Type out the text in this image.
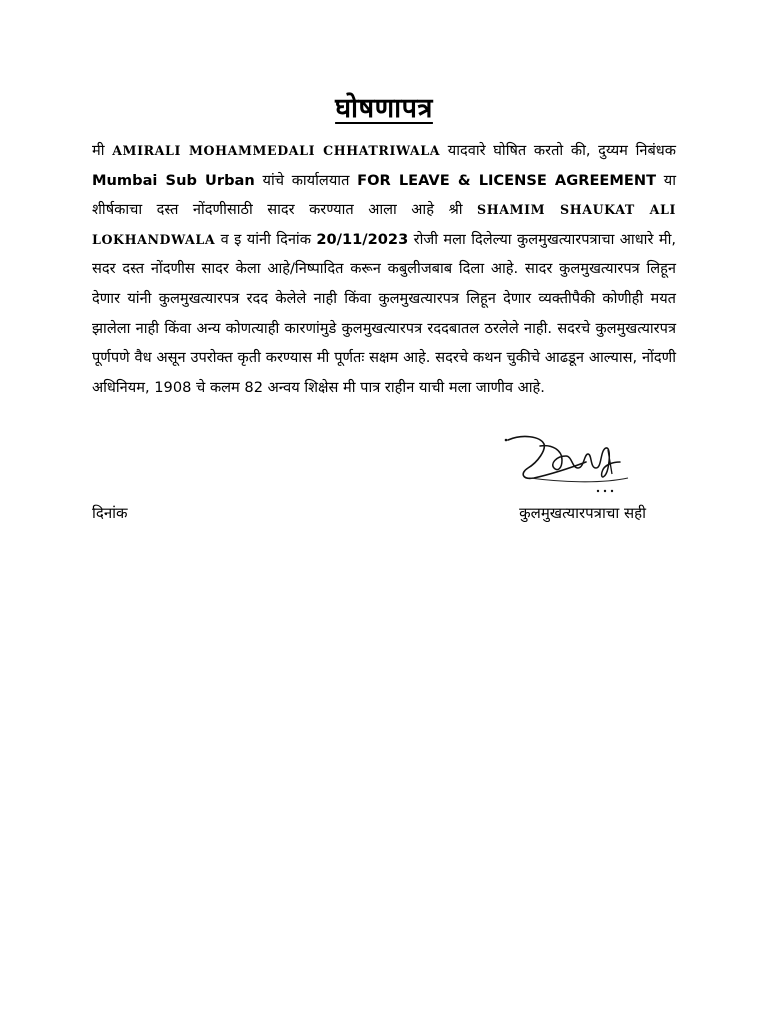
घोषणापत्र
मी AMIRALI MOHAMMEDALI CHHATRIWALA यादवारे घोषित करतो की, दुय्यम निबंधक Mumbai Sub Urban यांचे कार्यालयात FOR LEAVE & LICENSE AGREEMENT या शीर्षकाचा दस्त नोंदणीसाठी सादर करण्यात आला आहे श्री SHAMIM SHAUKAT ALI LOKHANDWALA व इ यांनी दिनांक 20/11/2023 रोजी मला दिलेल्या कुलमुखत्यारपत्राचा आधारे मी, सदर दस्त नोंदणीस सादर केला आहे/निष्पादित करून कबुलीजबाब दिला आहे. सादर कुलमुखत्यारपत्र लिहून देणार यांनी कुलमुखत्यारपत्र रदद केलेले नाही किंवा कुलमुखत्यारपत्र लिहून देणार व्यक्तीपैकी कोणीही मयत झालेला नाही किंवा अन्य कोणत्याही कारणांमुडे कुलमुखत्यारपत्र रददबातल ठरलेले नाही. सदरचे कुलमुखत्यारपत्र पूर्णपणे वैध असून उपरोक्त कृती करण्यास मी पूर्णतः सक्षम आहे. सदरचे कथन चुकीचे आढडून आल्यास, नोंदणी अधिनियम, 1908 चे कलम 82 अन्वय शिक्षेस मी पात्र राहीन याची मला जाणीव आहे.
दिनांक	कुलमुखत्यारपत्राचा सही
